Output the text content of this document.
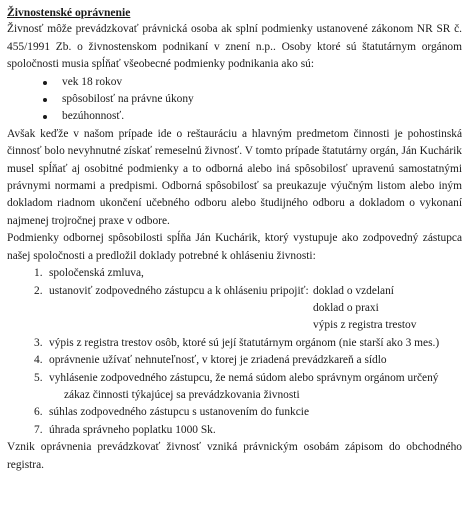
Živnostenské oprávnenie

Živnosť môže prevádzkovať právnická osoba ak splní podmienky ustanovené zákonom NR SR č. 455/1991 Zb. o živnostenskom podnikaní v znení n.p.. Osoby ktoré sú štatutárnym orgánom spoločnosti musia spĺňať všeobecné podmienky podnikania ako sú:

vek 18 rokov
spôsobilosť na právne úkony
bezúhonnosť.

Avšak keďže v našom prípade ide o reštauráciu a hlavným predmetom činnosti je pohostinská činnosť bolo nevyhnutné získať remeselnú živnosť. V tomto prípade štatutárny orgán, Ján Kuchárik musel spĺňať aj osobitné podmienky a to odborná alebo iná spôsobilosť upravenú samostatnými právnymi normami a predpismi. Odborná spôsobilosť sa preukazuje výučným listom alebo iným dokladom riadnom ukončení učebného odboru alebo študijného odboru a dokladom o vykonaní najmenej trojročnej praxe v odbore.

Podmienky odbornej spôsobilosti spĺňa Ján Kuchárik, ktorý vystupuje ako zodpovedný zástupca našej spoločnosti a predložil doklady potrebné k ohláseniu živnosti:

1. spoločenská zmluva,
2. ustanoviť zodpovedného zástupcu a k ohláseniu pripojiť: doklad o vzdelaní
doklad o praxi
výpis z registra trestov
3. výpis z registra trestov osôb, ktoré sú její štatutárnym orgánom (nie starší ako 3 mes.)
4. oprávnenie užívať nehnuteľnosť, v ktorej je zriadená prevádzkareň a sídlo
5. vyhlásenie zodpovedného zástupcu, že nemá súdom alebo správnym orgánom určený
zákaz činnosti týkajúcej sa prevádzkovania živnosti
6. súhlas zodpovedného zástupcu s ustanovením do funkcie
7. úhrada správneho poplatku 1000 Sk.

Vznik oprávnenia prevádzkovať živnosť vzniká právnickým osobám zápisom do obchodného registra.
